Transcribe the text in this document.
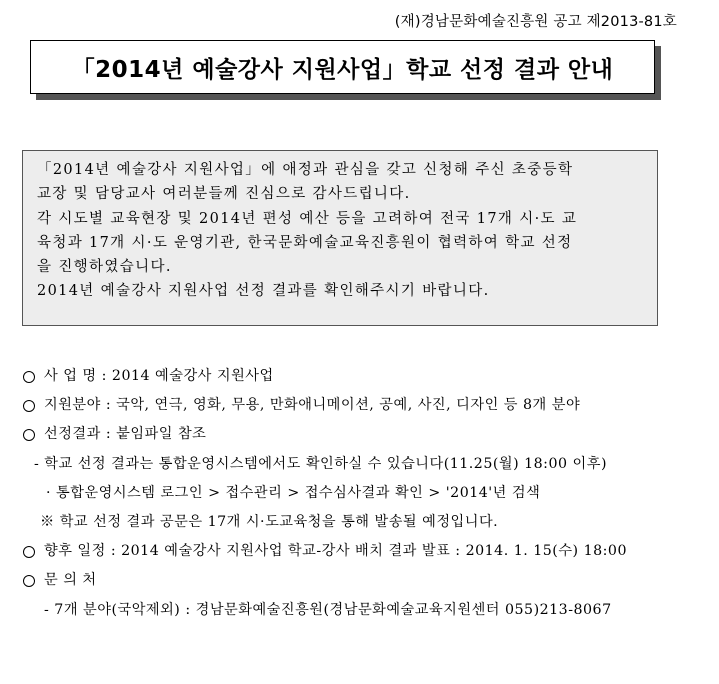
(재)경남문화예술진흥원 공고 제2013-81호
「2014년 예술강사 지원사업」학교 선정 결과 안내
「2014년 예술강사 지원사업」에 애정과 관심을 갖고 신청해 주신 초중등학
교장 및 담당교사 여러분들께 진심으로 감사드립니다.
각 시도별 교육현장 및 2014년 편성 예산 등을 고려하여 전국 17개 시·도 교
육청과 17개 시·도 운영기관, 한국문화예술교육진흥원이 협력하여 학교 선정
을 진행하였습니다.
2014년 예술강사 지원사업 선정 결과를 확인해주시기 바랍니다.
사 업 명 : 2014 예술강사 지원사업
지원분야 : 국악, 연극, 영화, 무용, 만화애니메이션, 공예, 사진, 디자인 등 8개 분야
선정결과 : 붙임파일 참조
- 학교 선정 결과는 통합운영시스템에서도 확인하실 수 있습니다(11.25(월) 18:00 이후)
· 통합운영시스템 로그인 > 접수관리 > 접수심사결과 확인 > '2014'년 검색
※ 학교 선정 결과 공문은 17개 시·도교육청을 통해 발송될 예정입니다.
향후 일정 : 2014 예술강사 지원사업 학교-강사 배치 결과 발표 : 2014. 1. 15(수) 18:00
문 의 처
- 7개 분야(국악제외) : 경남문화예술진흥원(경남문화예술교육지원센터 055)213-8067
